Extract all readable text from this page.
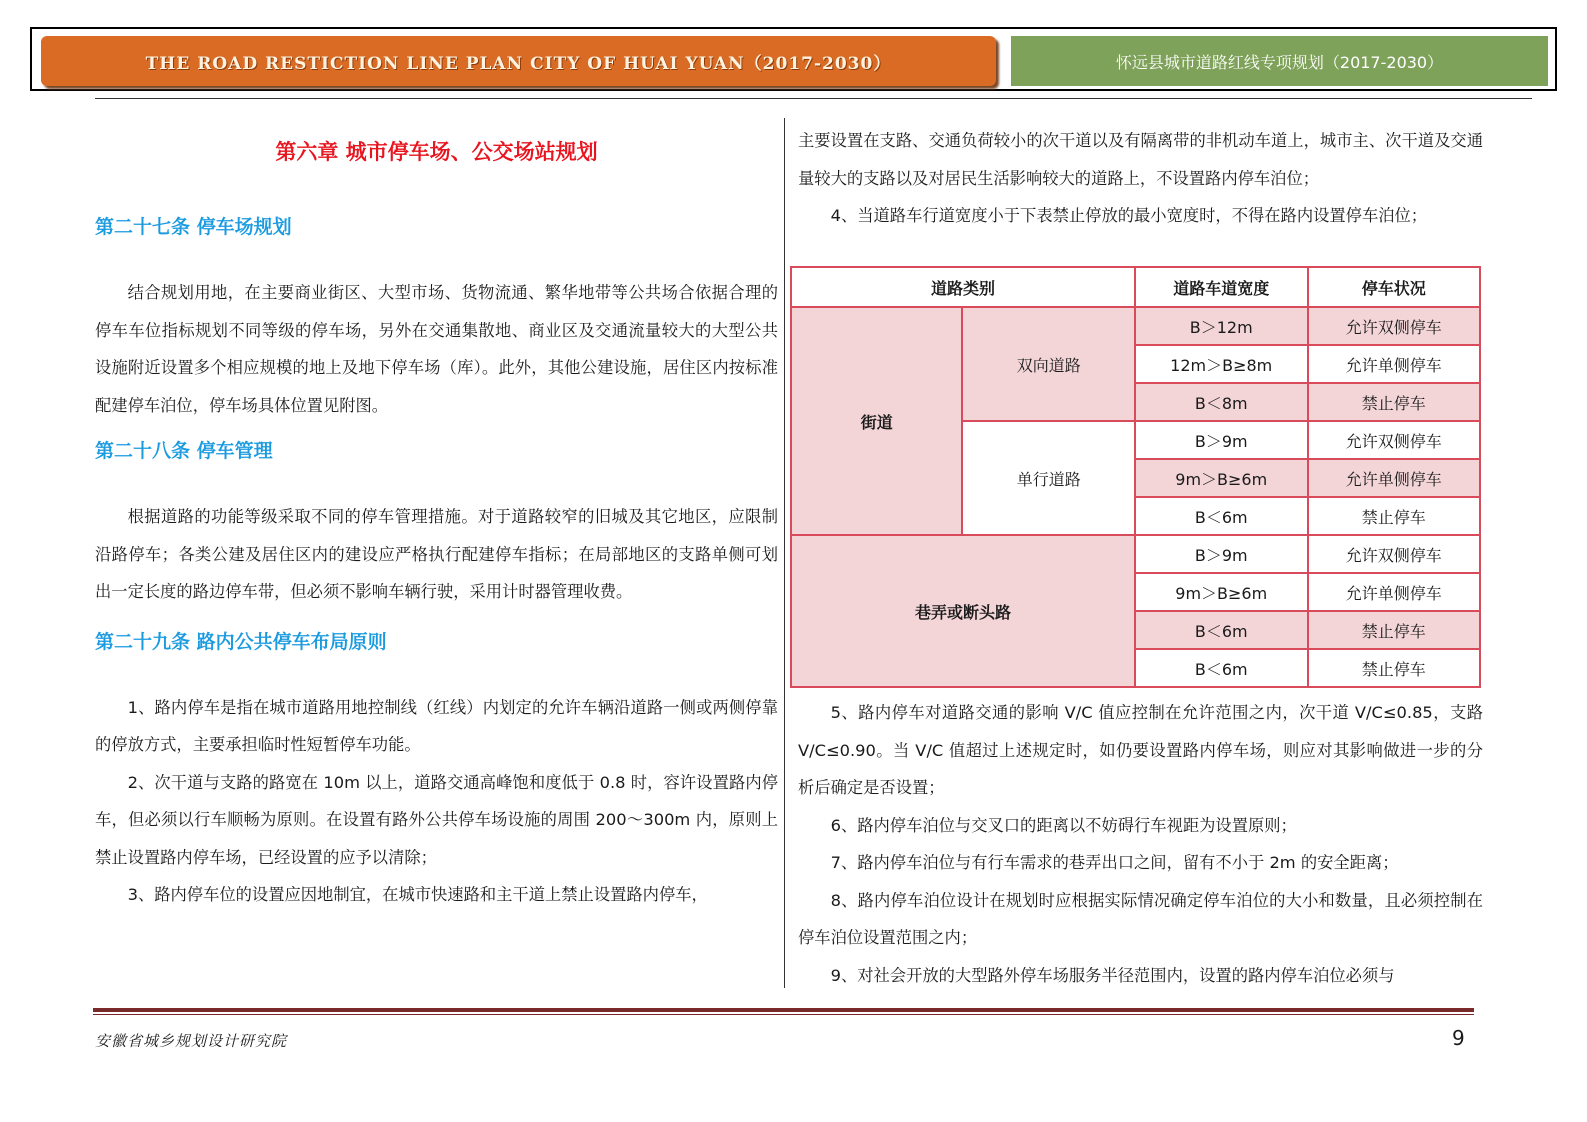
THE ROAD RESTICTION LINE PLAN CITY OF HUAI YUAN（2017-2030）	怀远县城市道路红线专项规划（2017-2030）
第六章 城市停车场、公交场站规划
第二十七条 停车场规划

结合规划用地，在主要商业街区、大型市场、货物流通、繁华地带等公共场合依据合理的停车车位指标规划不同等级的停车场，另外在交通集散地、商业区及交通流量较大的大型公共设施附近设置多个相应规模的地上及地下停车场（库）。此外，其他公建设施，居住区内按标准配建停车泊位，停车场具体位置见附图。

第二十八条 停车管理

根据道路的功能等级采取不同的停车管理措施。对于道路较窄的旧城及其它地区，应限制沿路停车；各类公建及居住区内的建设应严格执行配建停车指标；在局部地区的支路单侧可划出一定长度的路边停车带，但必须不影响车辆行驶，采用计时器管理收费。

第二十九条 路内公共停车布局原则

1、路内停车是指在城市道路用地控制线（红线）内划定的允许车辆沿道路一侧或两侧停靠的停放方式，主要承担临时性短暂停车功能。

2、次干道与支路的路宽在 10m 以上，道路交通高峰饱和度低于 0.8 时，容许设置路内停车，但必须以行车顺畅为原则。在设置有路外公共停车场设施的周围 200～300m 内，原则上禁止设置路内停车场，已经设置的应予以清除；

3、路内停车位的设置应因地制宜，在城市快速路和主干道上禁止设置路内停车，

主要设置在支路、交通负荷较小的次干道以及有隔离带的非机动车道上，城市主、次干道及交通量较大的支路以及对居民生活影响较大的道路上，不设置路内停车泊位；

4、当道路车行道宽度小于下表禁止停放的最小宽度时，不得在路内设置停车泊位；

道路类别		道路车道宽度	停车状况
街道	双向道路	B＞12m	允许双侧停车
		12m＞B≥8m	允许单侧停车
		B＜8m	禁止停车
	单行道路	B＞9m	允许双侧停车
		9m＞B≥6m	允许单侧停车
		B＜6m	禁止停车
巷弄或断头路		B＞9m	允许双侧停车
		9m＞B≥6m	允许单侧停车
		B＜6m	禁止停车
		B＜6m	禁止停车

5、路内停车对道路交通的影响 V/C 值应控制在允许范围之内，次干道 V/C≤0.85，支路 V/C≤0.90。当 V/C 值超过上述规定时，如仍要设置路内停车场，则应对其影响做进一步的分析后确定是否设置；

6、路内停车泊位与交叉口的距离以不妨碍行车视距为设置原则；

7、路内停车泊位与有行车需求的巷弄出口之间，留有不小于 2m 的安全距离；

8、路内停车泊位设计在规划时应根据实际情况确定停车泊位的大小和数量，且必须控制在停车泊位设置范围之内；

9、对社会开放的大型路外停车场服务半径范围内，设置的路内停车泊位必须与

安徽省城乡规划设计研究院	9
